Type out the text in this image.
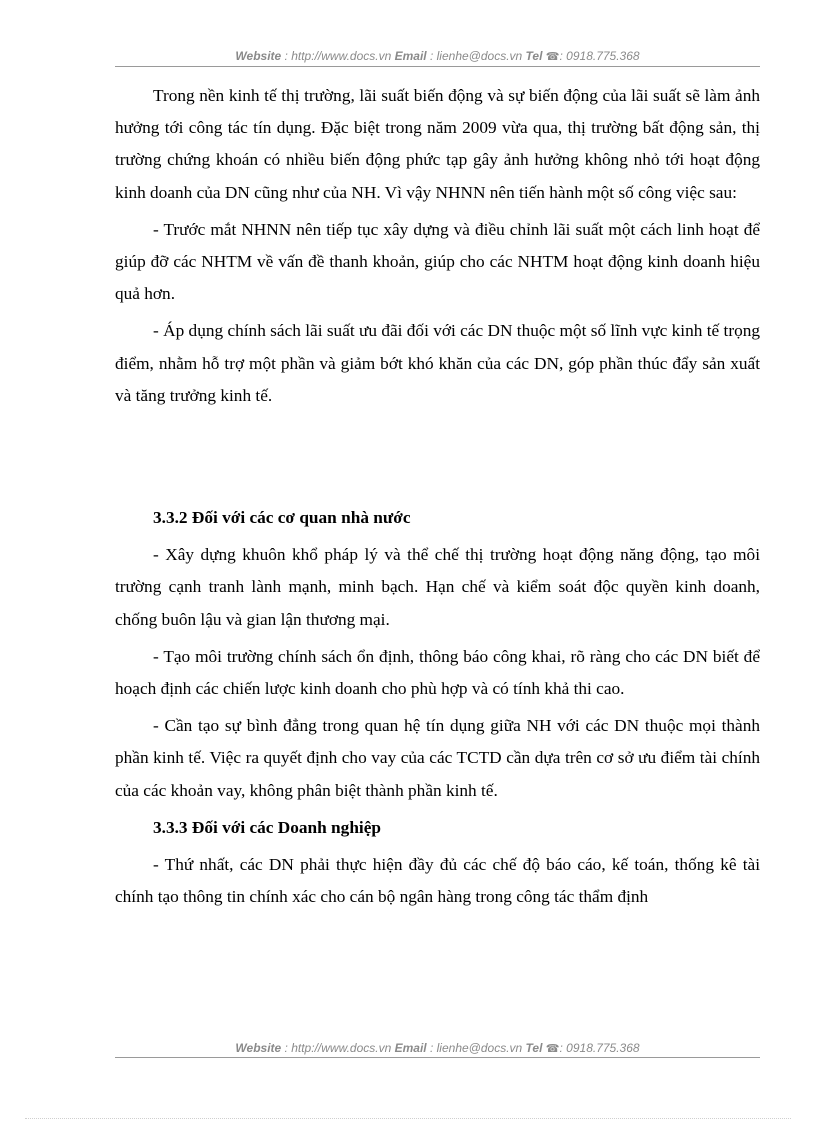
Website : http://www.docs.vn Email : lienhe@docs.vn Tel ☎: 0918.775.368

Trong nền kinh tế thị trường, lãi suất biến động và sự biến động của lãi suất sẽ làm ảnh hưởng tới công tác tín dụng. Đặc biệt trong năm 2009 vừa qua, thị trường bất động sản, thị trường chứng khoán có nhiều biến động phức tạp gây ảnh hưởng không nhỏ tới hoạt động kinh doanh của DN cũng như của NH. Vì vậy NHNN nên tiến hành một số công việc sau:

- Trước mắt NHNN nên tiếp tục xây dựng và điều chỉnh lãi suất một cách linh hoạt để giúp đỡ các NHTM về vấn đề thanh khoản, giúp cho các NHTM hoạt động kinh doanh hiệu quả hơn.

- Áp dụng chính sách lãi suất ưu đãi đối với các DN thuộc một số lĩnh vực kinh tế trọng điểm, nhằm hỗ trợ một phần và giảm bớt khó khăn của các DN, góp phần thúc đẩy sản xuất và tăng trưởng kinh tế.

3.3.2 Đối với các cơ quan nhà nước

- Xây dựng khuôn khổ pháp lý và thể chế thị trường hoạt động năng động, tạo môi trường cạnh tranh lành mạnh, minh bạch. Hạn chế và kiểm soát độc quyền kinh doanh, chống buôn lậu và gian lận thương mại.

- Tạo môi trường chính sách ổn định, thông báo công khai, rõ ràng cho các DN biết để hoạch định các chiến lược kinh doanh cho phù hợp và có tính khả thi cao.

- Cần tạo sự bình đẳng trong quan hệ tín dụng giữa NH với các DN thuộc mọi thành phần kinh tế. Việc ra quyết định cho vay của các TCTD cần dựa trên cơ sở ưu điểm tài chính của các khoản vay, không phân biệt thành phần kinh tế.

3.3.3 Đối với các Doanh nghiệp

- Thứ nhất, các DN phải thực hiện đầy đủ các chế độ báo cáo, kế toán, thống kê tài chính tạo thông tin chính xác cho cán bộ ngân hàng trong công tác thẩm định

Website : http://www.docs.vn Email : lienhe@docs.vn Tel ☎: 0918.775.368
